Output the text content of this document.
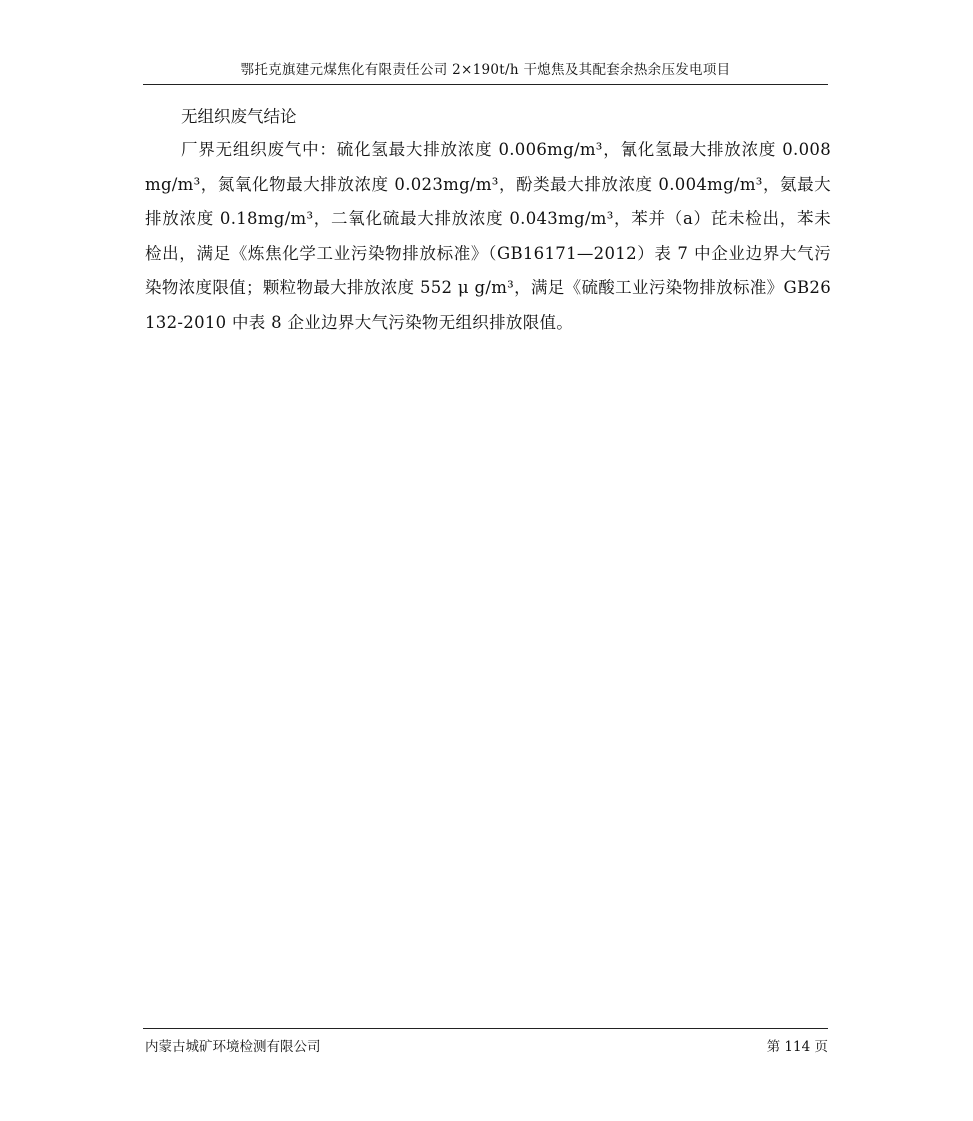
鄂托克旗建元煤焦化有限责任公司 2×190t/h 干熄焦及其配套余热余压发电项目
无组织废气结论

厂界无组织废气中：硫化氢最大排放浓度 0.006mg/m³，氰化氢最大排放浓度 0.008mg/m³，氮氧化物最大排放浓度 0.023mg/m³，酚类最大排放浓度 0.004mg/m³，氨最大排放浓度 0.18mg/m³，二氧化硫最大排放浓度 0.043mg/m³，苯并（a）芘未检出，苯未检出，满足《炼焦化学工业污染物排放标准》（GB16171—2012）表 7 中企业边界大气污染物浓度限值；颗粒物最大排放浓度 552 μ g/m³，满足《硫酸工业污染物排放标准》GB26132-2010 中表 8 企业边界大气污染物无组织排放限值。

内蒙古城矿环境检测有限公司	第 114 页
